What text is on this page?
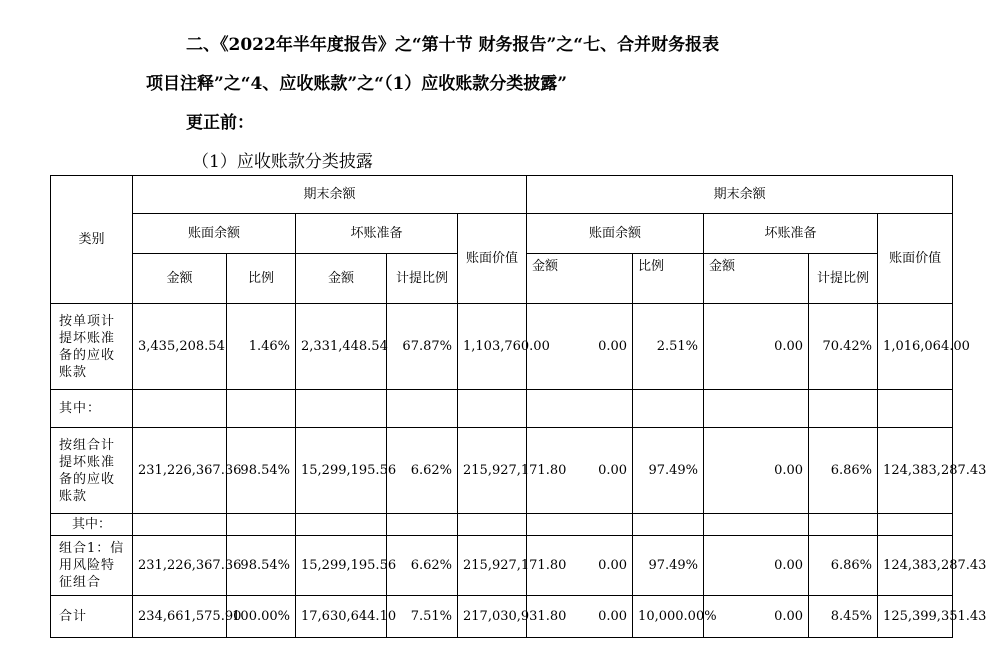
二、《2022年半年度报告》之“第十节 财务报告”之“七、合并财务报表
项目注释”之“4、应收账款”之“（1）应收账款分类披露”
更正前：
（1）应收账款分类披露
类别	期末余额					期末余额				
	账面余额		坏账准备		账面价值	账面余额		坏账准备		账面价值
	金额	比例	金额	计提比例		金额	比例	金额	计提比例	
按单项计提坏账准备的应收账款	3,435,208.54	1.46%	2,331,448.54	67.87%	1,103,760.00	0.00	2.51%	0.00	70.42%	1,016,064.00
其中：										
按组合计提坏账准备的应收账款	231,226,367.36	98.54%	15,299,195.56	6.62%	215,927,171.80	0.00	97.49%	0.00	6.86%	124,383,287.43
其中：										
组合1：信用风险特征组合	231,226,367.36	98.54%	15,299,195.56	6.62%	215,927,171.80	0.00	97.49%	0.00	6.86%	124,383,287.43
合计	234,661,575.90	100.00%	17,630,644.10	7.51%	217,030,931.80	0.00	10,000.00%	0.00	8.45%	125,399,351.43
